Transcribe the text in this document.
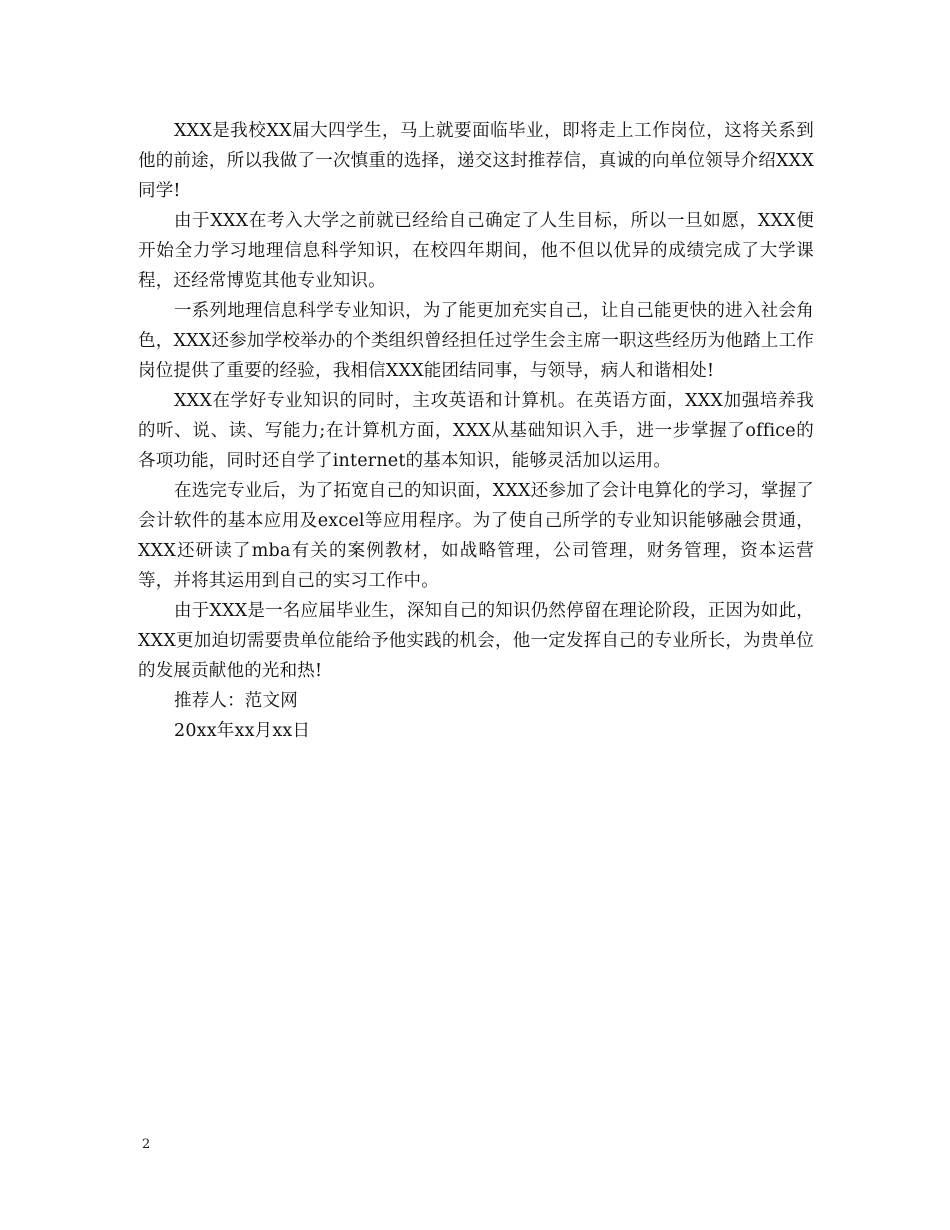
XXX是我校XX届大四学生，马上就要面临毕业，即将走上工作岗位，这将关系到他的前途，所以我做了一次慎重的选择，递交这封推荐信，真诚的向单位领导介绍XXX同学!

由于XXX在考入大学之前就已经给自己确定了人生目标，所以一旦如愿，XXX便开始全力学习地理信息科学知识，在校四年期间，他不但以优异的成绩完成了大学课程，还经常博览其他专业知识。

一系列地理信息科学专业知识，为了能更加充实自己，让自己能更快的进入社会角色，XXX还参加学校举办的个类组织曾经担任过学生会主席一职这些经历为他踏上工作岗位提供了重要的经验，我相信XXX能团结同事，与领导，病人和谐相处!

XXX在学好专业知识的同时，主攻英语和计算机。在英语方面，XXX加强培养我的听、说、读、写能力;在计算机方面，XXX从基础知识入手，进一步掌握了office的各项功能，同时还自学了internet的基本知识，能够灵活加以运用。

在选完专业后，为了拓宽自己的知识面，XXX还参加了会计电算化的学习，掌握了会计软件的基本应用及excel等应用程序。为了使自己所学的专业知识能够融会贯通，XXX还研读了mba有关的案例教材，如战略管理，公司管理，财务管理，资本运营等，并将其运用到自己的实习工作中。

由于XXX是一名应届毕业生，深知自己的知识仍然停留在理论阶段，正因为如此，XXX更加迫切需要贵单位能给予他实践的机会，他一定发挥自己的专业所长，为贵单位的发展贡献他的光和热!

推荐人：范文网

20xx年xx月xx日

2
